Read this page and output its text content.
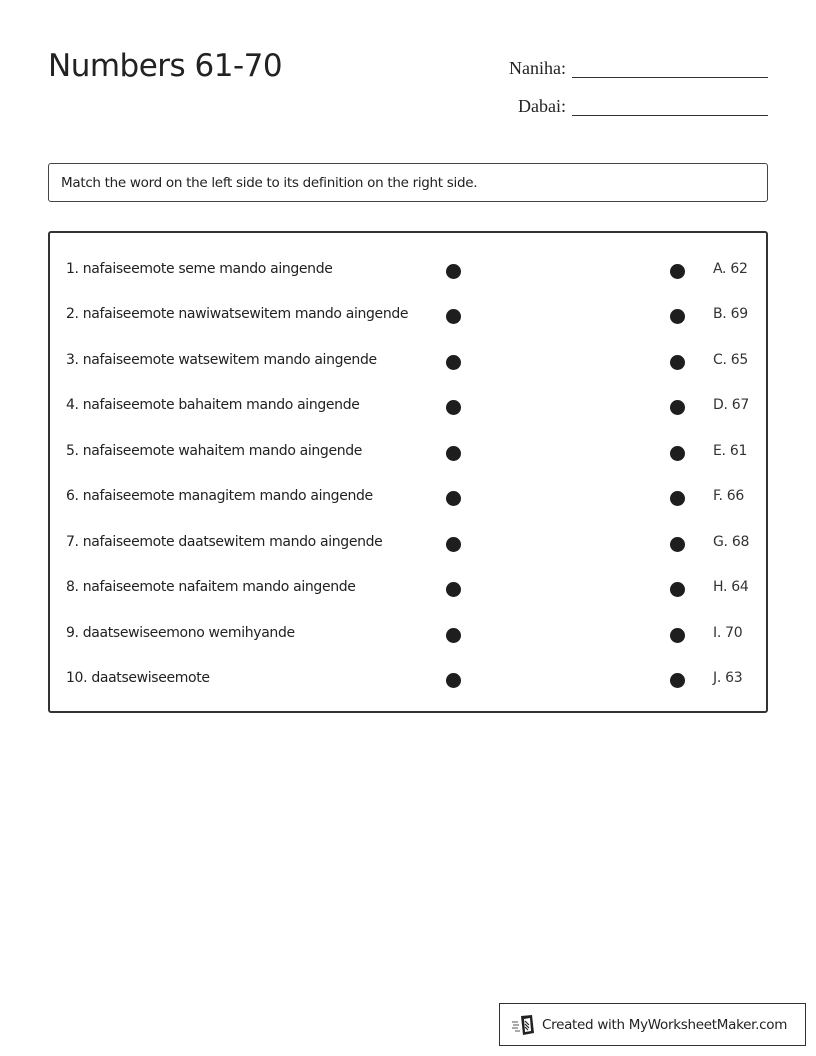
Numbers 61-70	Naniha:
Dabai:
Match the word on the left side to its definition on the right side.
1. nafaiseemote seme mando aingende	A. 62
2. nafaiseemote nawiwatsewitem mando aingende	B. 69
3. nafaiseemote watsewitem mando aingende	C. 65
4. nafaiseemote bahaitem mando aingende	D. 67
5. nafaiseemote wahaitem mando aingende	E. 61
6. nafaiseemote managitem mando aingende	F. 66
7. nafaiseemote daatsewitem mando aingende	G. 68
8. nafaiseemote nafaitem mando aingende	H. 64
9. daatsewiseemono wemihyande	I. 70
10. daatsewiseemote	J. 63
Created with MyWorksheetMaker.com
